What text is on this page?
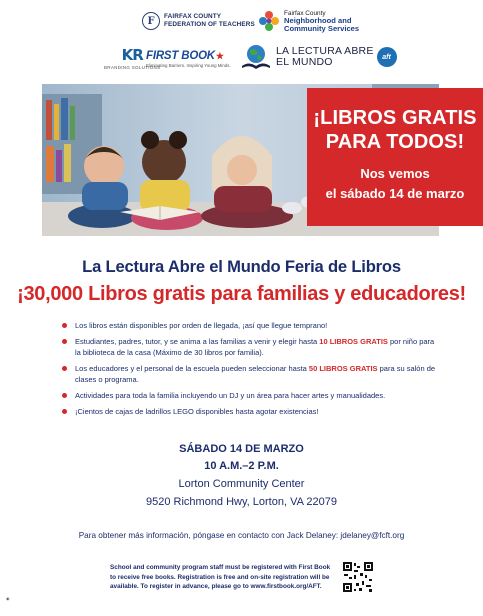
F	FAIRFAX COUNTY
FEDERATION OF TEACHERS
Fairfax County
Neighborhood and
Community Services
KR
BRANDING SOLUTIONS
FIRST BOOK★
Eliminating Barriers. Inspiring Young Minds.
LA LECTURA ABRE
EL MUNDO	aft
¡LIBROS GRATIS
PARA TODOS!
Nos vemos
el sábado 14 de marzo
La Lectura Abre el Mundo Feria de Libros
¡30,000 Libros gratis para familias y educadores!
Los libros están disponibles por orden de llegada, ¡así que llegue temprano!
Estudiantes, padres, tutor, y se anima a las familias a venir y elegir hasta 10 LIBROS GRATIS por niño para la biblioteca de la casa (Máximo de 30 libros por familia).
Los educadores y el personal de la escuela pueden seleccionar hasta 50 LIBROS GRATIS para su salón de clases o programa.
Actividades para toda la familia incluyendo un DJ y un área para hacer artes y manualidades.
¡Cientos de cajas de ladrillos LEGO disponibles hasta agotar existencias!
SÁBADO 14 DE MARZO
10 A.M.–2 P.M.
Lorton Community Center
9520 Richmond Hwy, Lorton, VA 22079
Para obtener más información, póngase en contacto con Jack Delaney: jdelaney@fcft.org
School and community program staff must be registered with First Book
to receive free books. Registration is free and on-site registration will be
available. To register in advance, please go to www.firstbook.org/AFT.
◉
